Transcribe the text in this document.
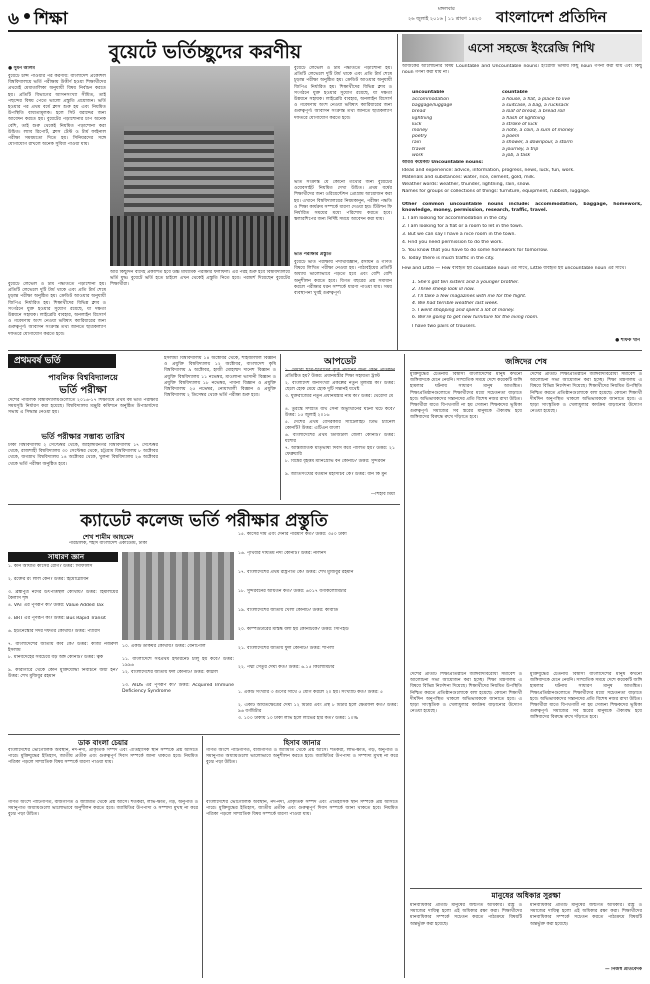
৬ শিক্ষা	মঙ্গলবার
২৬ জুলাই ২০১৬ | ১১ শ্রাবণ ১৪২৩ বাংলাদেশ প্রতিদিন
বুয়েটে ভর্তিচ্ছুদের করণীয়
● সুমন আলম
বুয়েটে চান্স পাওয়ার পর করণীয়: বাংলাদেশ প্রকৌশল বিশ্ববিদ্যালয়ে ভর্তি পরীক্ষায় উত্তীর্ণ হওয়া শিক্ষার্থীদের প্রথমেই মেধাতালিকা অনুযায়ী বিষয় নির্বাচন করতে হয়। প্রতিটি বিভাগের আসনসংখ্যা সীমিত, তাই পছন্দের বিষয় পেতে ভালো প্রস্তুতি প্রয়োজন। ভর্তি হওয়ার পর প্রথম বর্ষে ক্লাস শুরু হয় এবং নিয়মিত উপস্থিতি বাধ্যতামূলক। হলে সিট বরাদ্দের জন্য আবেদন করতে হয়। বুয়েটের পড়াশোনার চাপ অনেক বেশি, তাই শুরু থেকেই নিয়মিত পড়াশোনা করা উচিত। ল্যাব রিপোর্ট, ক্লাস টেস্ট ও টার্ম ফাইনাল পরীক্ষা সময়মতো দিতে হয়। সিনিয়রদের সঙ্গে যোগাযোগ রাখলে অনেক সুবিধা পাওয়া যায়।
বুয়েটে লেভেল ও টার্ম পদ্ধতিতে পড়াশোনা হয়। প্রতিটি লেভেলে দুটি টার্ম থাকে এবং প্রতি টার্ম শেষে চূড়ান্ত পরীক্ষা অনুষ্ঠিত হয়। ক্রেডিট আওয়ার অনুযায়ী জিপিএ নির্ধারিত হয়। শিক্ষার্থীদের বিভিন্ন ক্লাব ও সংগঠনে যুক্ত হওয়ার সুযোগ রয়েছে, যা দক্ষতা উন্নয়নে সহায়ক। লাইব্রেরি ব্যবহার, অনলাইন রিসোর্স ও গবেষণায় অংশ নেওয়া ভবিষ্যৎ ক্যারিয়ারের জন্য গুরুত্বপূর্ণ। আবাসন সংক্রান্ত তথ্য জানতে ছাত্রকল্যাণ দফতরে যোগাযোগ করতে হবে।
ভর্তি সংক্রান্ত যে কোনো তথ্যের জন্য বুয়েটের ওয়েবসাইট নিয়মিত দেখা উচিত। প্রথম বর্ষের শিক্ষার্থীদের জন্য ওরিয়েন্টেশন প্রোগ্রাম আয়োজন করা হয়। এখানে বিশ্ববিদ্যালয়ের নিয়মকানুন, পরীক্ষা পদ্ধতি ও শিক্ষা কার্যক্রম সম্পর্কে ধারণা দেওয়া হয়। টিউশন ফি নির্ধারিত সময়ের মধ্যে পরিশোধ করতে হবে। স্কলারশিপের জন্য নির্দিষ্ট সময়ে আবেদন করা যায়।
ভর্তি পরীক্ষার প্রস্তুতি
বুয়েটে ভর্তি পরীক্ষায় পদার্থবিজ্ঞান, রসায়ন ও গণিত বিষয়ে লিখিত পরীক্ষা নেওয়া হয়। পাঠ্যবইয়ের প্রতিটি অধ্যায় ভালোভাবে পড়তে হবে এবং বেশি বেশি অনুশীলন করতে হবে। বিগত বছরের প্রশ্ন সমাধান করলে পরীক্ষার ধরন সম্পর্কে ধারণা পাওয়া যায়। সময় ব্যবস্থাপনা খুবই গুরুত্বপূর্ণ।
আর কিছুদিন বাদেই প্রকাশিত হবে উচ্চ মাধ্যমিক পরীক্ষার ফলাফল। এর পরই শুরু হবে বিশ্ববিদ্যালয়ে ভর্তি যুদ্ধ। বুয়েটে ভর্তি হতে চাইলে এখন থেকেই প্রস্তুতি নিতে হবে। পরামর্শ দিয়েছেন বুয়েটের শিক্ষার্থীরা।
বুয়েটে লেভেল ও টার্ম পদ্ধতিতে পড়াশোনা হয়। প্রতিটি লেভেলে দুটি টার্ম থাকে এবং প্রতি টার্ম শেষে চূড়ান্ত পরীক্ষা অনুষ্ঠিত হয়। ক্রেডিট আওয়ার অনুযায়ী জিপিএ নির্ধারিত হয়। শিক্ষার্থীদের বিভিন্ন ক্লাব ও সংগঠনে যুক্ত হওয়ার সুযোগ রয়েছে, যা দক্ষতা উন্নয়নে সহায়ক। লাইব্রেরি ব্যবহার, অনলাইন রিসোর্স ও গবেষণায় অংশ নেওয়া ভবিষ্যৎ ক্যারিয়ারের জন্য গুরুত্বপূর্ণ। আবাসন সংক্রান্ত তথ্য জানতে ছাত্রকল্যাণ দফতরে যোগাযোগ করতে হবে।
এসো সহজে ইংরেজি শিখি
আজকের আলোচনার বিষয় Countable and Uncountable nouns। ইংরেজি ভাষায় কিছু noun গণনা করা যায় এবং কিছু noun গণনা করা যায় না।
uncountable	countable
accommodation	a house, a flat, a place to live
baggage/luggage	a suitcase, a bag, a rucksack
bread	a loaf of bread, a bread roll
lightning	a flash of lightning
luck	a stroke of luck
money	a note, a coin, a sum of money
poetry	a poem
rain	a shower, a downpour, a storm
travel	a journey, a trip
work	a job, a task
আরও কয়েকটি Uncountable nouns:
Ideas and experience: advice, information, progress, news, luck, fun, work.
Materials and substances: water, rice, cement, gold, milk.
Weather words: weather, thunder, lightning, rain, snow.
Names for groups or collections of things: furniture, equipment, rubbish, luggage.
Other common uncountable nouns include: accommodation, baggage, homework, knowledge, money, permission, research, traffic, travel.
1. I am looking for accommodation in the city.
2. I am looking for a flat or a room to let in the town.
3. But we can say I have a nice room in the town.
4. Find you need permission to do the work.
5. You know that you have to do some homework for tomorrow.
6. Today there is much traffic in the city.
Few and Little — Few ব্যবহৃত হয় countable noun এর সাথে, Little ব্যবহৃত হয় uncountable noun এর সাথে।
1. She's got ten sisters and a younger brother.
2. Three sheep look ill now.
3. I'll take a few magazines with me for the flight.
4. We had terrible weather last week.
5. I went shopping and spent a lot of money.
6. We're going to get new furniture for the living room.
I have two pairs of trousers.
● শফিক খান
প্রথমবর্ষ ভর্তি
পাবলিক বিশ্ববিদ্যালয়ে
ভর্তি পরীক্ষা
দেশের পাবলিক বিশ্ববিদ্যালয়গুলোতে ২০১৬-১৭ শিক্ষাবর্ষে প্রথম বর্ষ ভর্তি পরীক্ষার সময়সূচি নির্ধারণ করা হয়েছে। বিশ্ববিদ্যালয় মঞ্জুরি কমিশনে অনুষ্ঠিত উপাচার্যদের সভায় এ সিদ্ধান্ত নেওয়া হয়।
ভর্তি পরীক্ষার সম্ভাব্য তারিখ
ঢাকা বিশ্ববিদ্যালয় ২ সেপ্টেম্বর থেকে, জাহাঙ্গীরনগর বিশ্ববিদ্যালয় ১৭ সেপ্টেম্বর থেকে, রাজশাহী বিশ্ববিদ্যালয় ৩০ সেপ্টেম্বর থেকে, চট্টগ্রাম বিশ্ববিদ্যালয় ৮ অক্টোবর থেকে, জগন্নাথ বিশ্ববিদ্যালয় ১৪ অক্টোবর থেকে, খুলনা বিশ্ববিদ্যালয় ২৬ অক্টোবর থেকে ভর্তি পরীক্ষা অনুষ্ঠিত হবে।
ইসলামী বিশ্ববিদ্যালয় ১৪ অক্টোবর থেকে, শাহজালাল বিজ্ঞান ও প্রযুক্তি বিশ্ববিদ্যালয় ১২ অক্টোবর, বাংলাদেশ কৃষি বিশ্ববিদ্যালয় ৯ অক্টোবর, হাজী মোহাম্মদ দানেশ বিজ্ঞান ও প্রযুক্তি বিশ্ববিদ্যালয় ১১ নভেম্বর, মাওলানা ভাসানী বিজ্ঞান ও প্রযুক্তি বিশ্ববিদ্যালয় ১৮ নভেম্বর, পাবনা বিজ্ঞান ও প্রযুক্তি বিশ্ববিদ্যালয় ২৫ নভেম্বর, নোয়াখালী বিজ্ঞান ও প্রযুক্তি বিশ্ববিদ্যালয় ২ ডিসেম্বর থেকে ভর্তি পরীক্ষা শুরু হবে।
আপডেট
১. মেধাবী ছাত্র-ছাত্রীদের বৃত্তি প্রদানের জন্য কোন প্রতিষ্ঠান প্রতিষ্ঠিত হয়? উত্তর: প্রধানমন্ত্রীর শিক্ষা সহায়তা ট্রাস্ট
২. বাংলাদেশ জনসংখ্যা প্রকল্পের নতুন মূলমন্ত্র কী? উত্তর: ছেলে হোক মেয়ে হোক দুটি সন্তানই যথেষ্ট
৩. যুক্তরাজ্যের নতুন প্রধানমন্ত্রীর নাম কী? উত্তর: থেরেসা মে
৪. তুরস্কে সম্প্রতি ব্যর্থ সেনা অভ্যুত্থানের ঘটনা ঘটে কবে? উত্তর: ১৫ জুলাই ২০১৬
৫. দেশের প্রথম বেসরকারি স্যাটেলাইট টিভি চ্যানেল কোনটি? উত্তর: এটিএন বাংলা
৬. বাংলাদেশের প্রথম ডিজিটাল জেলা কোনটি? উত্তর: যশোর
৭. আন্তর্জাতিক মাতৃভাষা দিবস কবে পালিত হয়? উত্তর: ২১ ফেব্রুয়ারি
৮. বিশ্বের বৃহত্তম ম্যানগ্রোভ বন কোনটি? উত্তর: সুন্দরবন
৯. জাতিসংঘের বর্তমান মহাসচিব কে? উত্তর: বান কি মুন
—শিহাব মিয়া
ক্যাডেট কলেজ ভর্তি পরীক্ষার প্রস্তুতি
শেখ শামীম আহমেদ
পরিচালক, শহীদ বাংলাদেশ একাডেমি, ঢাকা
সাধারণ জ্ঞান
১. কীন আঘাত কীসের রোগ? উত্তর: সিফিলিস
২. রক্তের রং লাল কেন? উত্তর: হিমোগ্লোবিন
৩. ব্রহ্মপুত্র নদের উৎপত্তিস্থল কোথায়? উত্তর: হিমালয়ের কৈলাস শৃঙ্গ
৪. VAT এর পূর্ণরূপ কী? উত্তর: Value Added Tax
৫. BRT এর পূর্ণরূপ কী? উত্তর: Bus Rapid Transit
৬. ইউনেস্কোর সদর দফতর কোথায়? উত্তর: প্যারিস
৭. বাংলাদেশের জাতীয় কবি কে? উত্তর: কাজী নজরুল ইসলাম
৮. মানবদেহের সবচেয়ে বড় অঙ্গ কোনটি? উত্তর: ত্বক
৯. কারাগারে থেকে কোন মুক্তিযোদ্ধা নির্বাচনে জয়ী হন? উত্তর: শেখ মুজিবুর রহমান
১০. একটি ডাকঘর কোথায়? উত্তর: বেনাপোল
১১. বাংলাদেশে সর্বপ্রথম ইন্টারনেট চালু হয় কবে? উত্তর: ১৯৯৬
১২. বাংলাদেশের জাতীয় ফল কোনটি? উত্তর: কাঁঠাল
১৩. AIDS এর পূর্ণরূপ কী? উত্তর: Acquired Immune Deficiency Syndrome
১৫. কীসের দাম এবং দেনার পরিমাণ কত? উত্তর: ৩৫০ টাকা
১৬. পৃথিবীর দীর্ঘতম নদী কোনটি? উত্তর: নীলনদ
১৭. বাংলাদেশের প্রথম রাষ্ট্রপতি কে? উত্তর: শেখ মুজিবুর রহমান
১৮. সুন্দরবনের আয়তন কত? উত্তর: ৬০১৭ বর্গকিলোমিটার
১৯. বাংলাদেশের জাতীয় খেলা কোনটি? উত্তর: কাবাডি
২০. কম্পিউটারের মস্তিষ্ক বলা হয় কোনটিকে? উত্তর: সিপিইউ
২১. বাংলাদেশের জাতীয় ফুল কোনটি? উত্তর: শাপলা
২২. পদ্মা সেতুর দৈর্ঘ্য কত? উত্তর: ৬.১৫ কিলোমিটার
১. একটি সংখ্যার ৩ গুণের সাথে ৫ যোগ করলে ২০ হয়। সংখ্যাটি কত? উত্তর: ৫
২. একটি আয়তক্ষেত্রের দৈর্ঘ্য ১২ মিটার এবং প্রস্থ ৮ মিটার হলে ক্ষেত্রফল কত? উত্তর: ৯৬ বর্গমিটার
৩. ১০০ টাকায় ১০ টাকা লাভ হলে লাভের হার কত? উত্তর: ১০%
ডাক বাংলা চেয়ার	হিসাব জানার
বাংলাদেশের ভৌগোলিক অবস্থান, নদ-নদী, প্রাকৃতিক সম্পদ এবং ঐতিহাসিক স্থান সম্পর্কে প্রশ্ন আসতে পারে। মুক্তিযুদ্ধের ইতিহাস, জাতীয় প্রতীক এবং গুরুত্বপূর্ণ দিবস সম্পর্কে জানা থাকতে হবে। নিয়মিত পত্রিকা পড়লে সাম্প্রতিক বিষয় সম্পর্কে ধারণা পাওয়া যায়।
গণিত অংশে পাটিগণিত, বীজগণিত ও জ্যামিতি থেকে প্রশ্ন আসে। শতকরা, লাভ-ক্ষতি, গড়, অনুপাত ও সমানুপাত অধ্যায়গুলো ভালোভাবে অনুশীলন করতে হবে। জ্যামিতির উপপাদ্য ও সম্পাদ্য মুখস্থ না করে বুঝে পড়া উচিত।
গণিত অংশে পাটিগণিত, বীজগণিত ও জ্যামিতি থেকে প্রশ্ন আসে। শতকরা, লাভ-ক্ষতি, গড়, অনুপাত ও সমানুপাত অধ্যায়গুলো ভালোভাবে অনুশীলন করতে হবে। জ্যামিতির উপপাদ্য ও সম্পাদ্য মুখস্থ না করে বুঝে পড়া উচিত।
বাংলাদেশের ভৌগোলিক অবস্থান, নদ-নদী, প্রাকৃতিক সম্পদ এবং ঐতিহাসিক স্থান সম্পর্কে প্রশ্ন আসতে পারে। মুক্তিযুদ্ধের ইতিহাস, জাতীয় প্রতীক এবং গুরুত্বপূর্ণ দিবস সম্পর্কে জানা থাকতে হবে। নিয়মিত পত্রিকা পড়লে সাম্প্রতিক বিষয় সম্পর্কে ধারণা পাওয়া যায়।
জঙ্গিদের শেষ
মুক্তিযুদ্ধের চেতনায় বিশ্বাসী বাংলাদেশের মানুষ কখনো জঙ্গিবাদকে মেনে নেয়নি। সাম্প্রতিক সময়ে দেশে কয়েকটি জঙ্গি হামলার ঘটনায় সাধারণ মানুষ আতঙ্কিত। শিক্ষাপ্রতিষ্ঠানগুলোতে শিক্ষার্থীদের মধ্যে সচেতনতা বাড়াতে হবে। অভিভাবকদের সন্তানদের প্রতি বিশেষ নজর রাখা উচিত। শিক্ষার্থীরা যাতে বিপথগামী না হয় সেজন্য শিক্ষকদের ভূমিকা গুরুত্বপূর্ণ। সমাজের সব স্তরের মানুষকে ঐক্যবদ্ধ হয়ে জঙ্গিবাদের বিরুদ্ধে রুখে দাঁড়াতে হবে।
দেশের প্রতিটি শিক্ষাপ্রতিষ্ঠানে জঙ্গিবাদবিরোধী সমাবেশ ও আলোচনা সভা আয়োজন করা হচ্ছে। শিক্ষা মন্ত্রণালয় এ বিষয়ে বিভিন্ন নির্দেশনা দিয়েছে। শিক্ষার্থীদের নিয়মিত উপস্থিতি নিশ্চিত করতে প্রতিষ্ঠানগুলোকে বলা হয়েছে। কোনো শিক্ষার্থী দীর্ঘদিন অনুপস্থিত থাকলে অভিভাবককে জানাতে হবে। এ ছাড়া সাংস্কৃতিক ও খেলাধুলার কার্যক্রম বাড়ানোর উদ্যোগ নেওয়া হয়েছে।
দেশের প্রতিটি শিক্ষাপ্রতিষ্ঠানে জঙ্গিবাদবিরোধী সমাবেশ ও আলোচনা সভা আয়োজন করা হচ্ছে। শিক্ষা মন্ত্রণালয় এ বিষয়ে বিভিন্ন নির্দেশনা দিয়েছে। শিক্ষার্থীদের নিয়মিত উপস্থিতি নিশ্চিত করতে প্রতিষ্ঠানগুলোকে বলা হয়েছে। কোনো শিক্ষার্থী দীর্ঘদিন অনুপস্থিত থাকলে অভিভাবককে জানাতে হবে। এ ছাড়া সাংস্কৃতিক ও খেলাধুলার কার্যক্রম বাড়ানোর উদ্যোগ নেওয়া হয়েছে।
মুক্তিযুদ্ধের চেতনায় বিশ্বাসী বাংলাদেশের মানুষ কখনো জঙ্গিবাদকে মেনে নেয়নি। সাম্প্রতিক সময়ে দেশে কয়েকটি জঙ্গি হামলার ঘটনায় সাধারণ মানুষ আতঙ্কিত। শিক্ষাপ্রতিষ্ঠানগুলোতে শিক্ষার্থীদের মধ্যে সচেতনতা বাড়াতে হবে। অভিভাবকদের সন্তানদের প্রতি বিশেষ নজর রাখা উচিত। শিক্ষার্থীরা যাতে বিপথগামী না হয় সেজন্য শিক্ষকদের ভূমিকা গুরুত্বপূর্ণ। সমাজের সব স্তরের মানুষকে ঐক্যবদ্ধ হয়ে জঙ্গিবাদের বিরুদ্ধে রুখে দাঁড়াতে হবে।
মানুষের অধিকার সুরক্ষা
মানবাধিকার প্রতিটি মানুষের জন্মগত অধিকার। রাষ্ট্র ও সমাজের দায়িত্ব হলো এই অধিকার রক্ষা করা। শিক্ষার্থীদের মানবাধিকার সম্পর্কে সচেতন করতে পাঠ্যক্রমে বিষয়টি অন্তর্ভুক্ত করা হয়েছে।
মানবাধিকার প্রতিটি মানুষের জন্মগত অধিকার। রাষ্ট্র ও সমাজের দায়িত্ব হলো এই অধিকার রক্ষা করা। শিক্ষার্থীদের মানবাধিকার সম্পর্কে সচেতন করতে পাঠ্যক্রমে বিষয়টি অন্তর্ভুক্ত করা হয়েছে।
— নিজস্ব প্রতিবেদক
